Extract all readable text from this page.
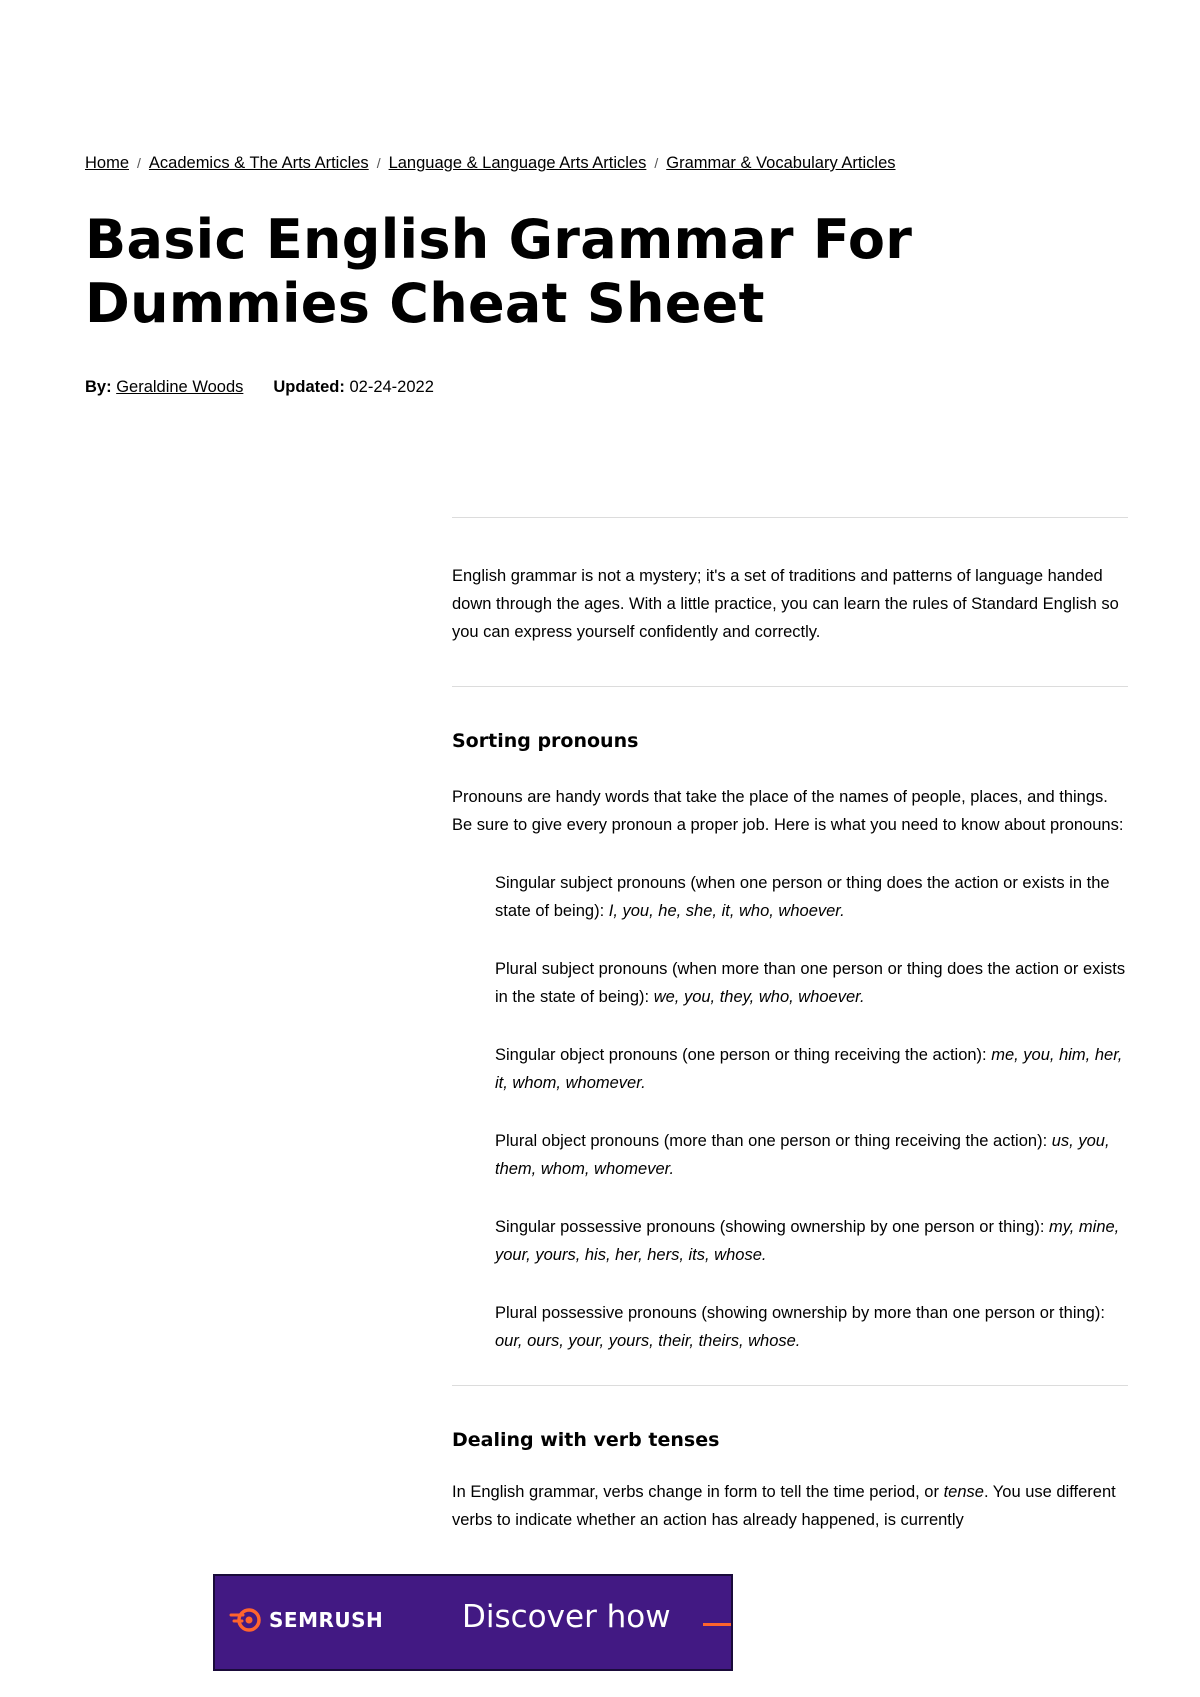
Home / Academics & The Arts Articles / Language & Language Arts Articles / Grammar & Vocabulary Articles
Basic English Grammar For
Dummies Cheat Sheet
By: Geraldine Woods Updated: 02-24-2022

English grammar is not a mystery; it's a set of traditions and patterns of language handed down through the ages. With a little practice, you can learn the rules of Standard English so you can express yourself confidently and correctly.

Sorting pronouns

Pronouns are handy words that take the place of the names of people, places, and things. Be sure to give every pronoun a proper job. Here is what you need to know about pronouns:

Singular subject pronouns (when one person or thing does the action or exists in the state of being): I, you, he, she, it, who, whoever.
Plural subject pronouns (when more than one person or thing does the action or exists in the state of being): we, you, they, who, whoever.
Singular object pronouns (one person or thing receiving the action): me, you, him, her, it, whom, whomever.
Plural object pronouns (more than one person or thing receiving the action): us, you, them, whom, whomever.
Singular possessive pronouns (showing ownership by one person or thing): my, mine, your, yours, his, her, hers, its, whose.
Plural possessive pronouns (showing ownership by more than one person or thing): our, ours, your, yours, their, theirs, whose.
Dealing with verb tenses

In English grammar, verbs change in form to tell the time period, or tense. You use different verbs to indicate whether an action has already happened, is currently

SEMRUSH	Discover how
